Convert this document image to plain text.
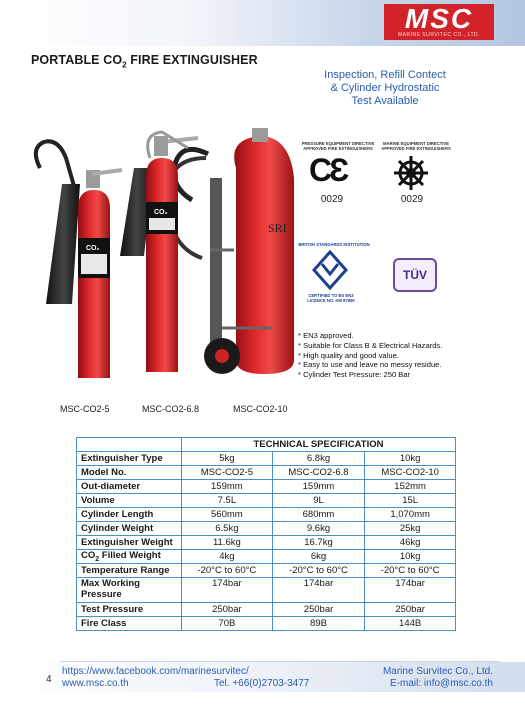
MSC
MARINE SURVITEC CO., LTD.
PORTABLE $CO_2$ FIRE EXTINGUISHER
Inspection, Refill Contect
& Cylinder Hydrostatic
Test Available
SRI
CO₂
CO₂
PRESSURE EQUIPMENT DIRECTIVE APPROVED FIRE EXTINGUISHERS
CƐ
0029
MARINE EQUIPMENT DIRECTIVE APPROVED FIRE EXTINGUISHERS
0029
BRITISH STANDARDS INSTITUTION
CERTIFIED TO BS EN3 LICENCE NO. KM 87650
TÜV
* EN3 approved.
* Suitable for Class B & Electrical Hazards.
* High quality and good value.
* Easy to use and leave no messy residue.
* Cylinder Test Pressure: 250 Bar
MSC-CO2-5	MSC-CO2-6.8	MSC-CO2-10
	TECHNICAL SPECIFICATION		
Extinguisher Type	5kg	6.8kg	10kg
Model No.	MSC-CO2-5	MSC-CO2-6.8	MSC-CO2-10
Out-diameter	159mm	159mm	152mm
Volume	7.5L	9L	15L
Cylinder Length	560mm	680mm	1,070mm
Cylinder Weight	6.5kg	9.6kg	25kg
Extinguisher Weight	11.6kg	16.7kg	46kg
$CO_2$ Filled Weight	4kg	6kg	10kg
Temperature Range	-20°C to 60°C	-20°C to 60°C	-20°C to 60°C
Max Working Pressure	174bar	174bar	174bar
Test Pressure	250bar	250bar	250bar
Fire Class	70B	89B	144B
4
https://www.facebook.com/marinesurvitec/
www.msc.co.th	Tel. +66(0)2703-3477
Marine Survitec Co., Ltd.
E-mail: info@msc.co.th
